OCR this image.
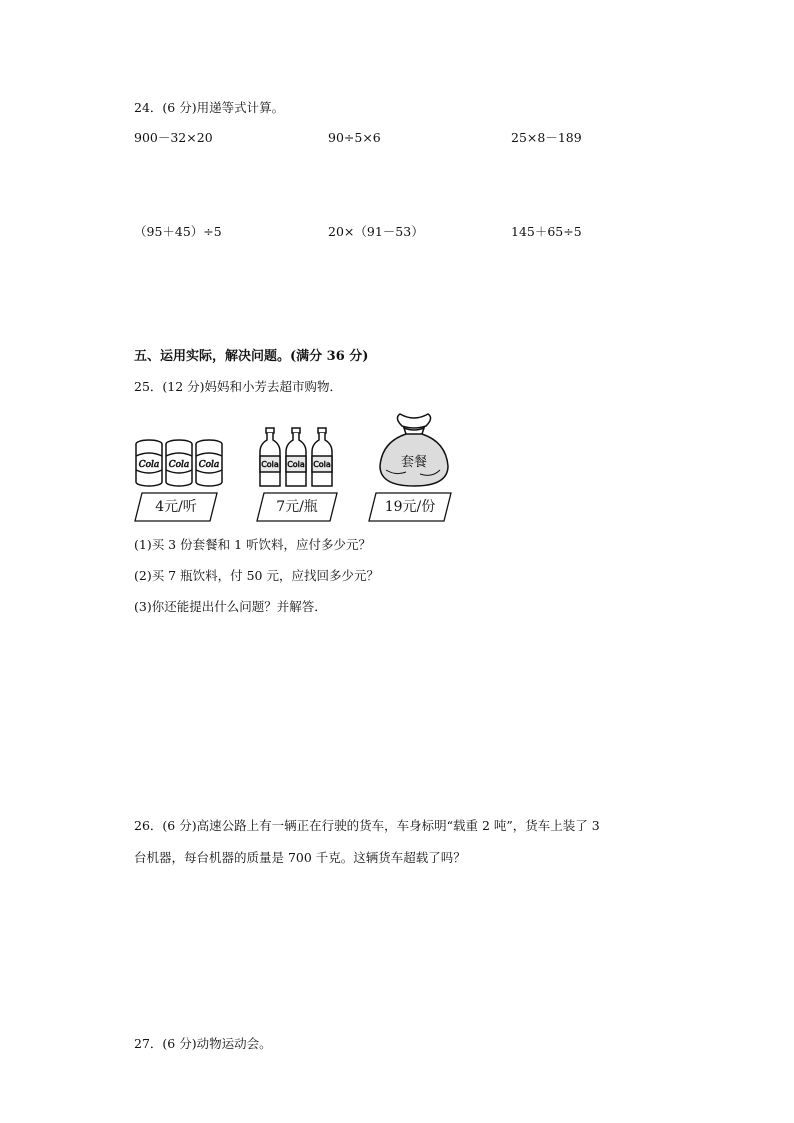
24．(6 分)用递等式计算。
900－32×20	90÷5×6	25×8－189
（95＋45）÷5	20×（91－53）	145＋65÷5
五、运用实际，解决问题。(满分 36 分)
25．(12 分)妈妈和小芳去超市购物．
Cola Cola Cola	Cola Cola Cola	套餐
4元/听	7元/瓶	19元/份
(1)买 3 份套餐和 1 听饮料，应付多少元？
(2)买 7 瓶饮料，付 50 元，应找回多少元？
(3)你还能提出什么问题？并解答．
26．(6 分)高速公路上有一辆正在行驶的货车，车身标明“载重 2 吨”，货车上装了 3
台机器，每台机器的质量是 700 千克。这辆货车超载了吗？
27．(6 分)动物运动会。
